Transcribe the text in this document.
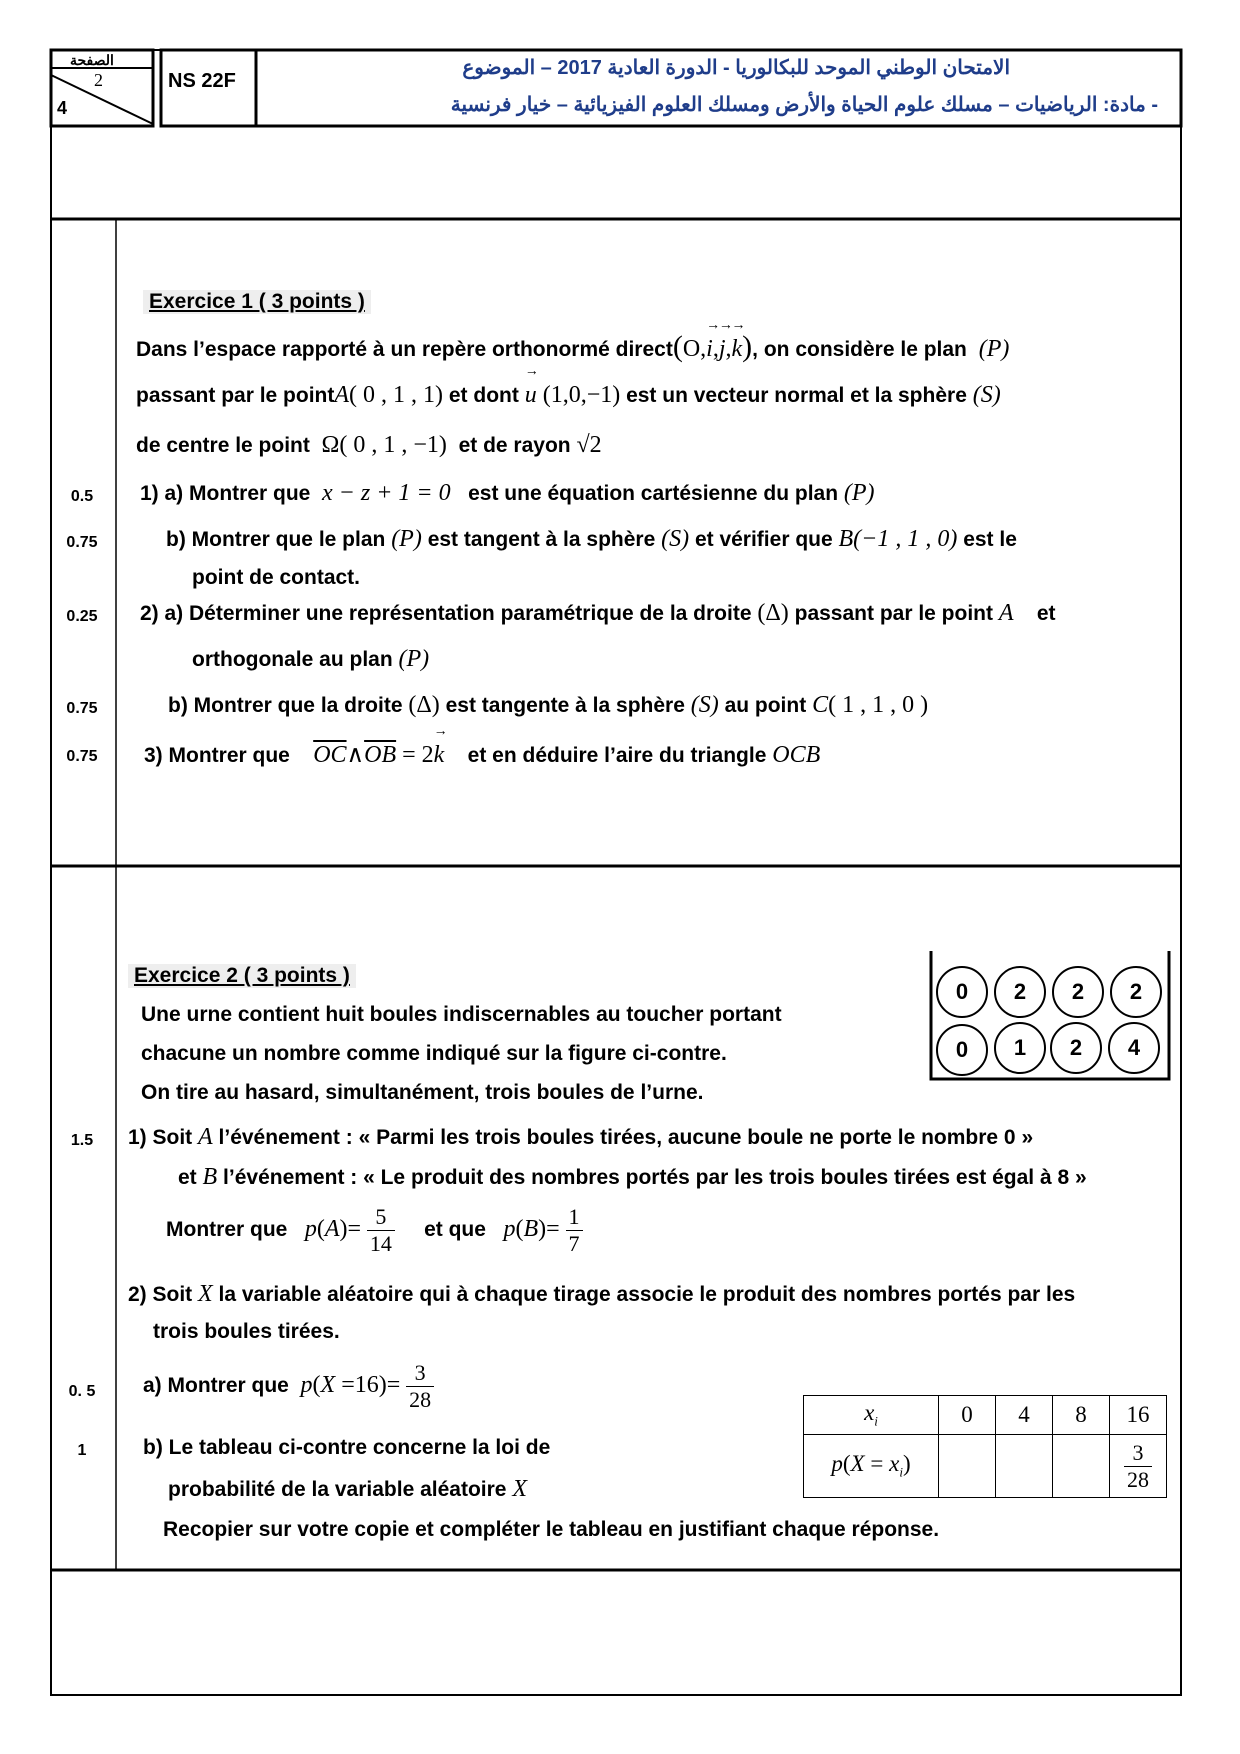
الصفحة
2
4
NS 22F
الامتحان الوطني الموحد للبكالوريا - الدورة العادية 2017 – الموضوع
- مادة: الرياضيات – مسلك علوم الحياة والأرض ومسلك العلوم الفيزيائية – خيار فرنسية
Exercice 1 ( 3 points )
Dans l’espace rapporté à un repère orthonormé direct(O,→ i,→ j,→ k), on considère le plan  (P)
passant par le pointA( 0 , 1 , 1) et dont → u (1,0,−1) est un vecteur normal et la sphère (S)
de centre le point Ω( 0 , 1 , −1) et de rayon √2
0.5	1) a) Montrer que x − z + 1 = 0 est une équation cartésienne du plan (P)
0.75	b) Montrer que le plan (P) est tangent à la sphère (S) et vérifier que B(−1 , 1 , 0) est le
point de contact.
0.25	2) a) Déterminer une représentation paramétrique de la droite (Δ) passant par le point A et
orthogonale au plan (P)
0.75	b) Montrer que la droite (Δ) est tangente à la sphère (S) au point C( 1 , 1 , 0 )
0.75	3) Montrer que $\overline{OC}\wedge\overline{OB} = 2\to k$ et en déduire l’aire du triangle OCB
Exercice 2 ( 3 points )
Une urne contient huit boules indiscernables au toucher portant
chacune un nombre comme indiqué sur la figure ci-contre.
On tire au hasard, simultanément, trois boules de l’urne.
0	2	2	2
0	1	2	4
1.5	1) Soit A l’événement : « Parmi les trois boules tirées, aucune boule ne porte le nombre 0 »
et B l’événement : « Le produit des nombres portés par les trois boules tirées est égal à 8 »
Montrer que $p(A)= \frac{5}{14}$ et que $p(B)= \frac{1}{7}$
2) Soit X la variable aléatoire qui à chaque tirage associe le produit des nombres portés par les
trois boules tirées.
0. 5	a) Montrer que $p(X =16)= \frac{3}{28}$
1	b) Le tableau ci-contre concerne la loi de
probabilité de la variable aléatoire X
Recopier sur votre copie et compléter le tableau en justifiant chaque réponse.
$x_i$	0	4	8	16
$p(X = x_i)$				$\frac{3}{28}$
